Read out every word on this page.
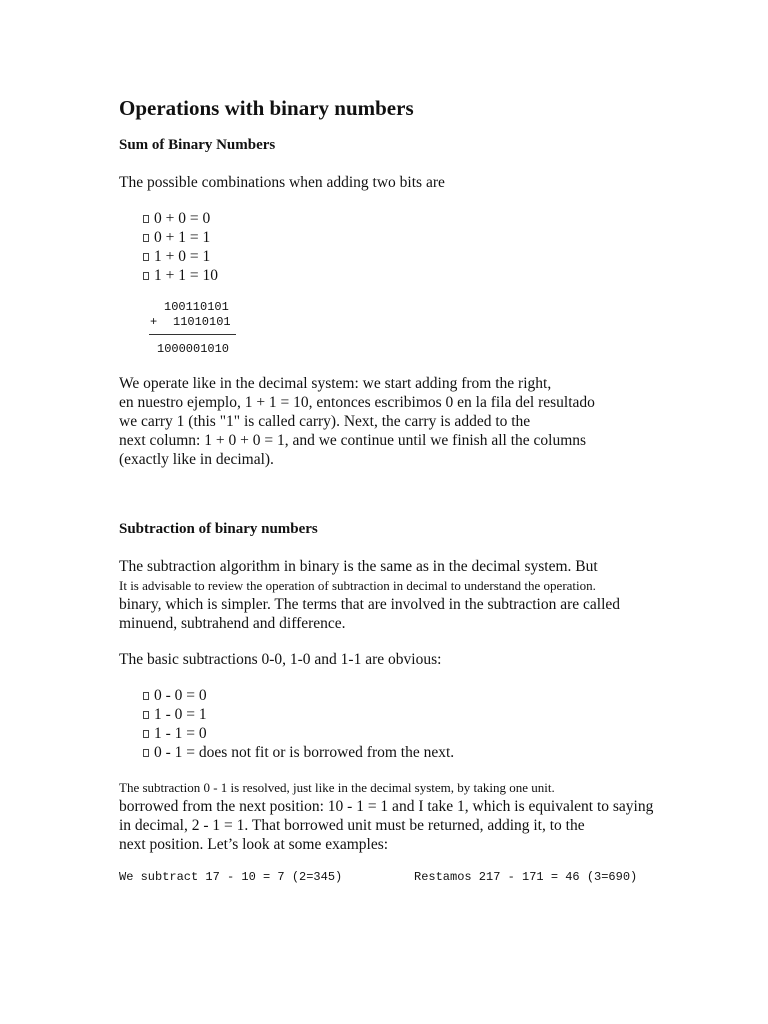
Operations with binary numbers
Sum of Binary Numbers
The possible combinations when adding two bits are
0 + 0 = 0
0 + 1 = 1
1 + 0 = 1
1 + 1 = 10
100110101
+ 11010101
1000001010
We operate like in the decimal system: we start adding from the right,
en nuestro ejemplo, 1 + 1 = 10, entonces escribimos 0 en la fila del resultado
we carry 1 (this "1" is called carry). Next, the carry is added to the
next column: 1 + 0 + 0 = 1, and we continue until we finish all the columns
(exactly like in decimal).
Subtraction of binary numbers
The subtraction algorithm in binary is the same as in the decimal system. But
It is advisable to review the operation of subtraction in decimal to understand the operation.
binary, which is simpler. The terms that are involved in the subtraction are called
minuend, subtrahend and difference.
The basic subtractions 0-0, 1-0 and 1-1 are obvious:
0 - 0 = 0
1 - 0 = 1
1 - 1 = 0
0 - 1 = does not fit or is borrowed from the next.
The subtraction 0 - 1 is resolved, just like in the decimal system, by taking one unit.
borrowed from the next position: 10 - 1 = 1 and I take 1, which is equivalent to saying
in decimal, 2 - 1 = 1. That borrowed unit must be returned, adding it, to the
next position. Let’s look at some examples:
We subtract 17 - 10 = 7 (2=345)	Restamos 217 - 171 = 46 (3=690)
